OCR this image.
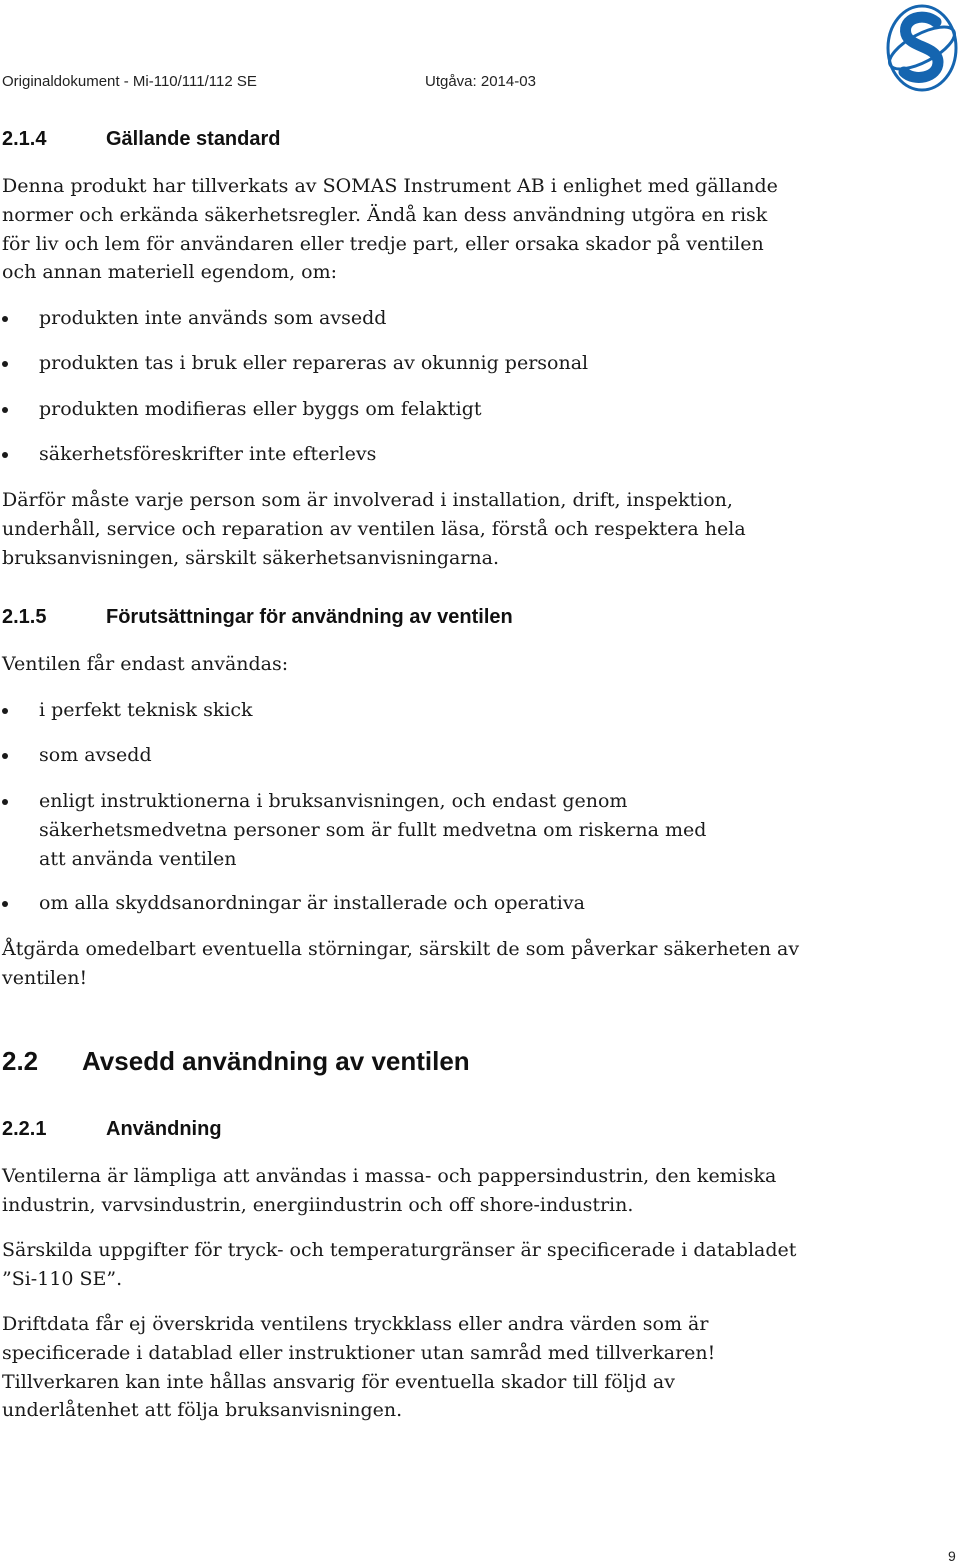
Originaldokument - Mi-110/111/112 SE	Utgåva: 2014-03
2.1.4	Gällande standard
Denna produkt har tillverkats av SOMAS Instrument AB i enlighet med gällande normer och erkända säkerhetsregler. Ändå kan dess användning utgöra en risk för liv och lem för användaren eller tredje part, eller orsaka skador på ventilen och annan materiell egendom, om:
produkten inte används som avsedd
produkten tas i bruk eller repareras av okunnig personal
produkten modifieras eller byggs om felaktigt
säkerhetsföreskrifter inte efterlevs
Därför måste varje person som är involverad i installation, drift, inspektion, underhåll, service och reparation av ventilen läsa, förstå och respektera hela bruksanvisningen, särskilt säkerhetsanvisningarna.
2.1.5	Förutsättningar för användning av ventilen
Ventilen får endast användas:
i perfekt teknisk skick
som avsedd
enligt instruktionerna i bruksanvisningen, och endast genom säkerhetsmedvetna personer som är fullt medvetna om riskerna med att använda ventilen
om alla skyddsanordningar är installerade och operativa
Åtgärda omedelbart eventuella störningar, särskilt de som påverkar säkerheten av ventilen!
2.2 Avsedd användning av ventilen
2.2.1	Användning
Ventilerna är lämpliga att användas i massa- och pappersindustrin, den kemiska industrin, varvsindustrin, energiindustrin och off shore-industrin.
Särskilda uppgifter för tryck- och temperaturgränser är specificerade i databladet ”Si-110 SE”.
Driftdata får ej överskrida ventilens tryckklass eller andra värden som är specificerade i datablad eller instruktioner utan samråd med tillverkaren! Tillverkaren kan inte hållas ansvarig för eventuella skador till följd av underlåtenhet att följa bruksanvisningen.
9
